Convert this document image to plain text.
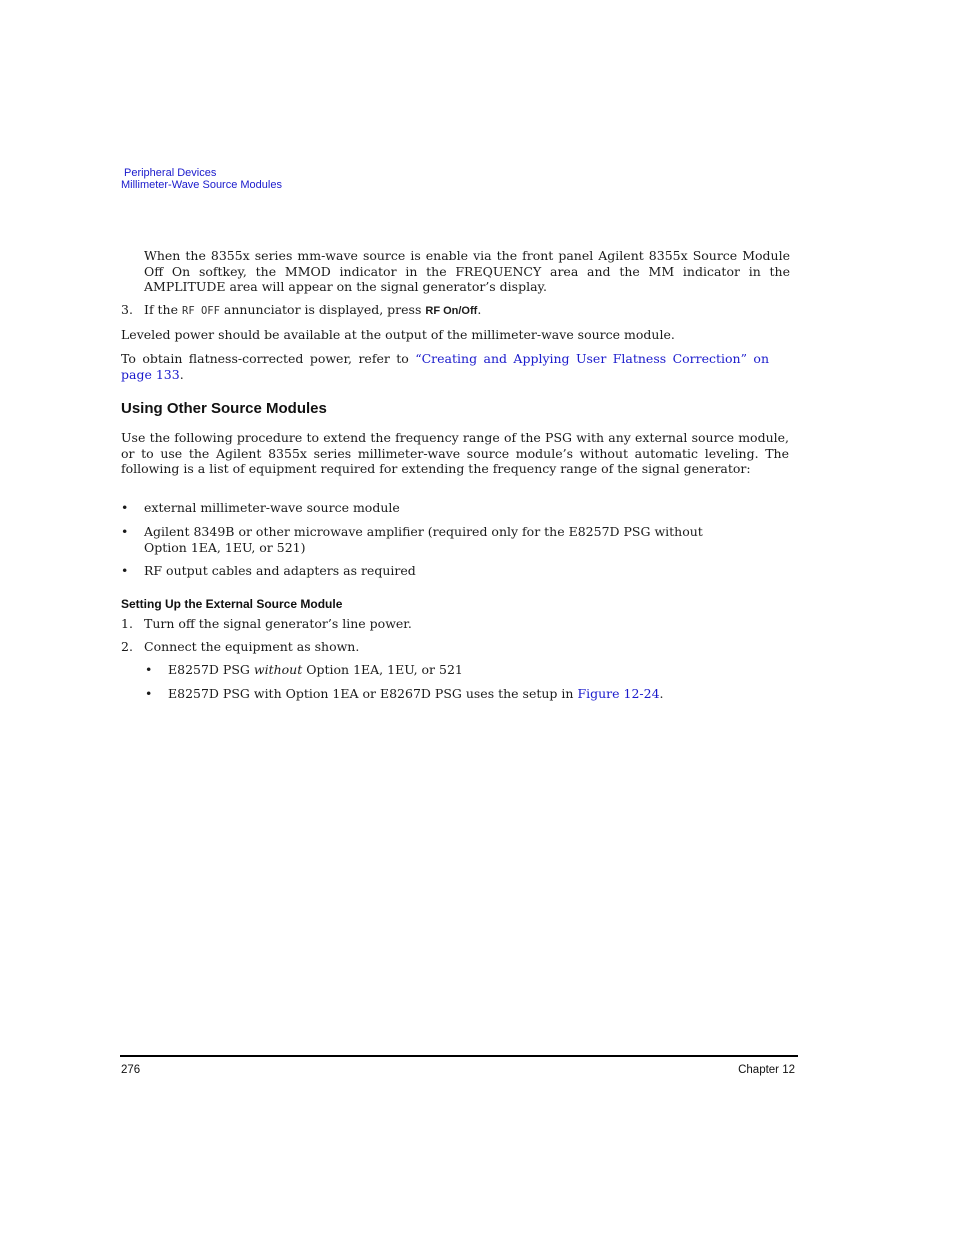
Peripheral Devices
Millimeter-Wave Source Modules
When the 8355x series mm-wave source is enable via the front panel Agilent 8355x Source Module Off On softkey, the MMOD indicator in the FREQUENCY area and the MM indicator in the AMPLITUDE area will appear on the signal generator’s display.
3. If the RF OFF annunciator is displayed, press RF On/Off.
Leveled power should be available at the output of the millimeter-wave source module.
To obtain flatness-corrected power, refer to “Creating and Applying User Flatness Correction” on page 133.
Using Other Source Modules
Use the following procedure to extend the frequency range of the PSG with any external source module, or to use the Agilent 8355x series millimeter-wave source module’s without automatic leveling. The following is a list of equipment required for extending the frequency range of the signal generator:
• external millimeter-wave source module
• Agilent 8349B or other microwave amplifier (required only for the E8257D PSG without Option 1EA, 1EU, or 521)
• RF output cables and adapters as required
Setting Up the External Source Module
1. Turn off the signal generator’s line power.
2. Connect the equipment as shown.
• E8257D PSG without Option 1EA, 1EU, or 521
• E8257D PSG with Option 1EA or E8267D PSG uses the setup in Figure 12-24.
276	Chapter 12
